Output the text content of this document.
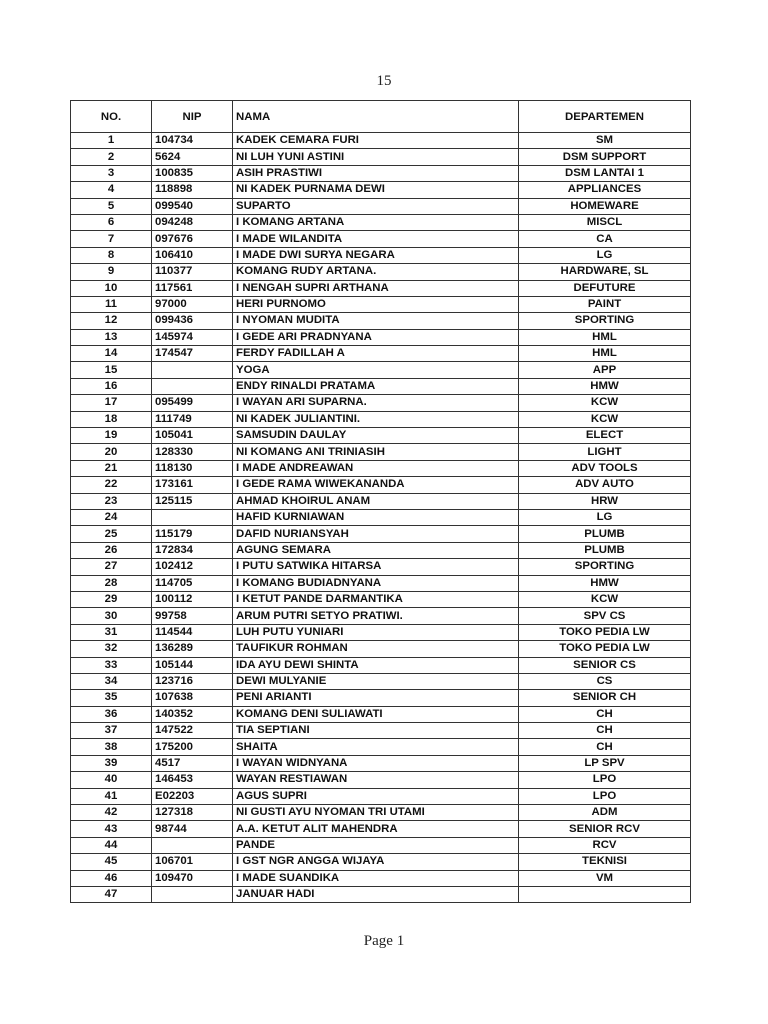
15
NO.	NIP	NAMA	DEPARTEMEN
1	104734	KADEK CEMARA FURI	SM
2	5624	NI LUH YUNI ASTINI	DSM SUPPORT
3	100835	ASIH PRASTIWI	DSM LANTAI 1
4	118898	NI KADEK PURNAMA DEWI	APPLIANCES
5	099540	SUPARTO	HOMEWARE
6	094248	I KOMANG ARTANA	MISCL
7	097676	I MADE WILANDITA	CA
8	106410	I MADE DWI SURYA NEGARA	LG
9	110377	KOMANG RUDY ARTANA.	HARDWARE, SL
10	117561	I NENGAH SUPRI ARTHANA	DEFUTURE
11	97000	HERI PURNOMO	PAINT
12	099436	I NYOMAN MUDITA	SPORTING
13	145974	I GEDE ARI PRADNYANA	HML
14	174547	FERDY FADILLAH A	HML
15		YOGA	APP
16		ENDY RINALDI PRATAMA	HMW
17	095499	I WAYAN ARI SUPARNA.	KCW
18	111749	NI KADEK JULIANTINI.	KCW
19	105041	SAMSUDIN DAULAY	ELECT
20	128330	NI KOMANG ANI TRINIASIH	LIGHT
21	118130	I MADE ANDREAWAN	ADV TOOLS
22	173161	I GEDE RAMA WIWEKANANDA	ADV AUTO
23	125115	AHMAD KHOIRUL ANAM	HRW
24		HAFID KURNIAWAN	LG
25	115179	DAFID NURIANSYAH	PLUMB
26	172834	AGUNG SEMARA	PLUMB
27	102412	I PUTU SATWIKA HITARSA	SPORTING
28	114705	I KOMANG BUDIADNYANA	HMW
29	100112	I KETUT PANDE DARMANTIKA	KCW
30	99758	ARUM PUTRI SETYO PRATIWI.	SPV CS
31	114544	LUH PUTU YUNIARI	TOKO PEDIA LW
32	136289	TAUFIKUR ROHMAN	TOKO PEDIA LW
33	105144	IDA AYU DEWI SHINTA	SENIOR CS
34	123716	DEWI MULYANIE	CS
35	107638	PENI ARIANTI	SENIOR CH
36	140352	KOMANG DENI SULIAWATI	CH
37	147522	TIA SEPTIANI	CH
38	175200	SHAITA	CH
39	4517	I WAYAN WIDNYANA	LP SPV
40	146453	WAYAN RESTIAWAN	LPO
41	E02203	AGUS SUPRI	LPO
42	127318	NI GUSTI AYU NYOMAN TRI UTAMI	ADM
43	98744	A.A. KETUT ALIT MAHENDRA	SENIOR RCV
44		PANDE	RCV
45	106701	I GST NGR ANGGA WIJAYA	TEKNISI
46	109470	I MADE SUANDIKA	VM
47		JANUAR HADI	
Page 1
